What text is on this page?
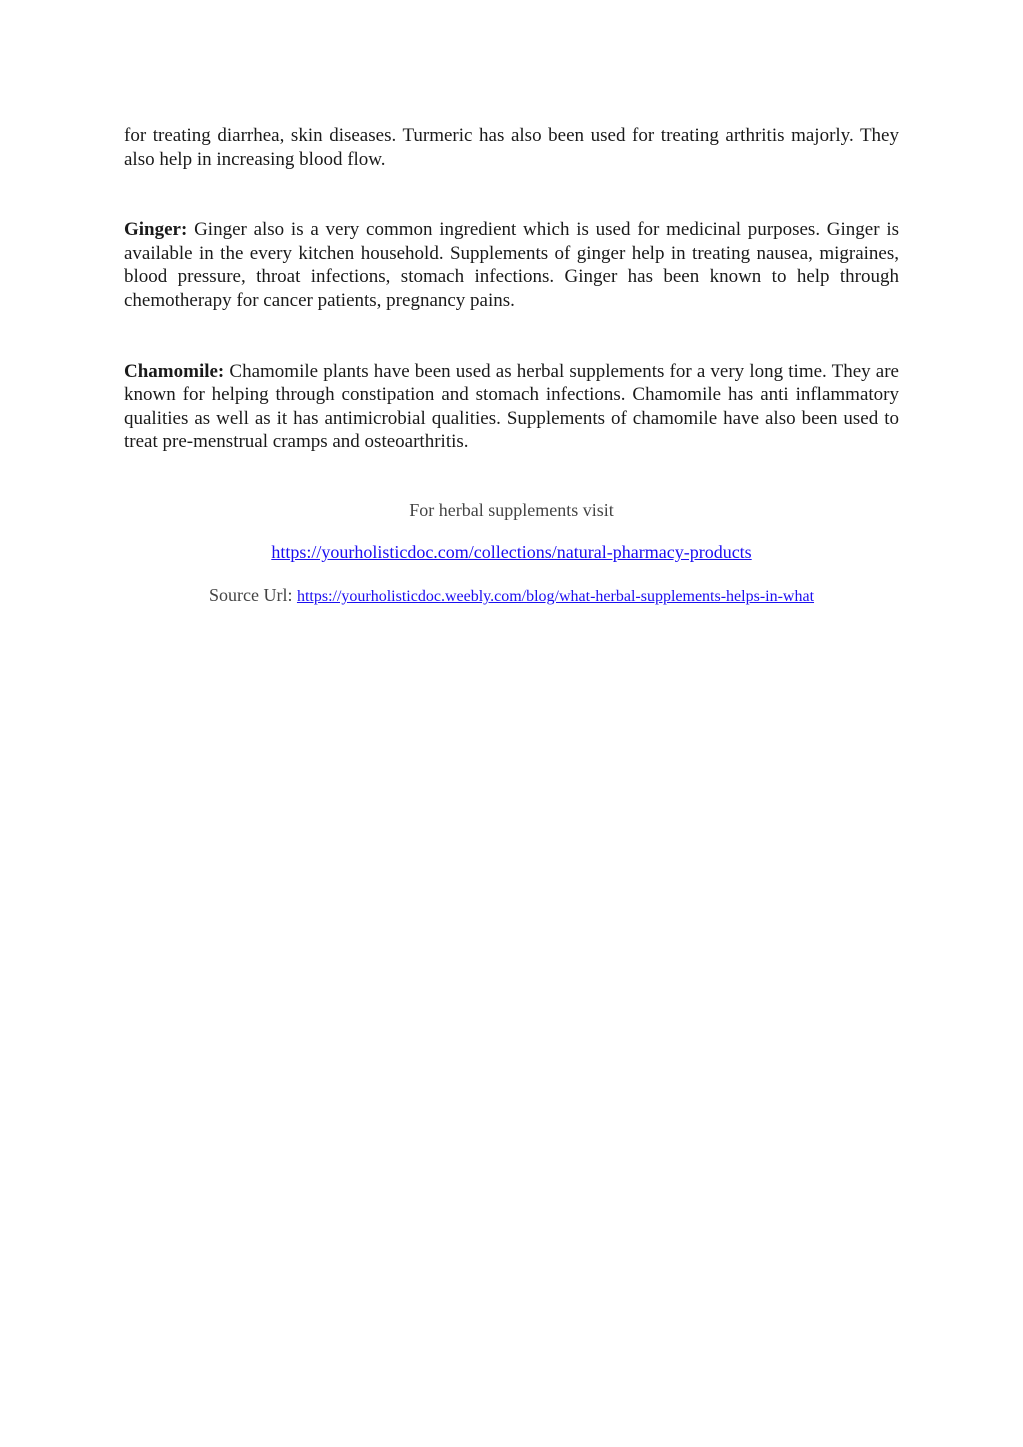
for treating diarrhea, skin diseases. Turmeric has also been used for treating arthritis majorly. They also help in increasing blood flow.

Ginger: Ginger also is a very common ingredient which is used for medicinal purposes. Ginger is available in the every kitchen household. Supplements of ginger help in treating nausea, migraines, blood pressure, throat infections, stomach infections. Ginger has been known to help through chemotherapy for cancer patients, pregnancy pains.

Chamomile: Chamomile plants have been used as herbal supplements for a very long time. They are known for helping through constipation and stomach infections. Chamomile has anti inflammatory qualities as well as it has antimicrobial qualities. Supplements of chamomile have also been used to treat pre-menstrual cramps and osteoarthritis.

For herbal supplements visit
https://yourholisticdoc.com/collections/natural-pharmacy-products
Source Url: https://yourholisticdoc.weebly.com/blog/what-herbal-supplements-helps-in-what
